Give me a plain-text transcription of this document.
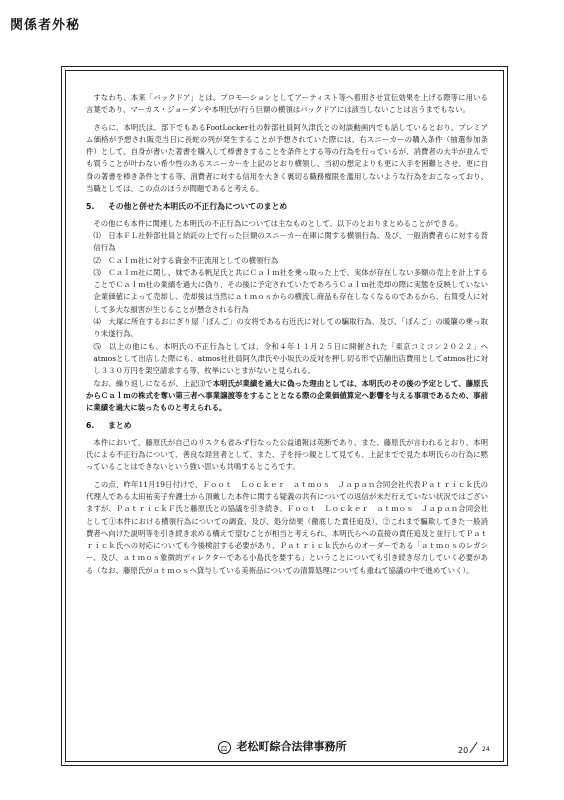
関係者外秘

すなわち、本来「バックドア」とは、プロモーションとしてアーティスト等へ着用させ宣伝効果を上げる際等に用いる言葉であり、マーカス・ジョーダンや本明氏が行う巨額の横領はバックドアには該当しないことは言うまでもない。

さらに、本明氏は、部下でもあるFootLocker社の幹部社員阿久津氏との対談動画内でも話しているとおり、プレミアム価格が予想され販売当日に長蛇の列が発生することが予想されていた際には、右スニーカーの購入条件（抽選参加条件）として、自身が書いた著書を購入して棒書きすることを条件とする等の行為を行っているが、消費者の大半が並んでも買うことが叶わない希少性のあるスニーカーを上記のとおり横領し、当初の想定よりも更に入手を困難とさせ、更に自身の著書を棒き条件とする等、消費者に対する信用を大きく裏切る職務権限を濫用しないような行為をおこなっており、当職としては、この点のほうが問題であると考える。

5. その他と併せた本明氏の不正行為についてのまとめ

その他にも本件に関連した本明氏の不正行為については主なものとして、以下のとおりまとめることができる。

⑴　日本ＦＬ社幹部社員と結託の上で行った巨額のスニーカー在庫に関する横領行為、及び、一般消費者らに対する背信行為

⑵　Ｃａｌｍ社に対する資金不正流用としての横領行為

⑶　Ｃａｌｍ社に関し、妹である帆足氏と共にＣａｌｍ社を乗っ取った上で、実体が存在しない多額の売上を計上することでＣａｌｍ社の業績を過大に偽り、その後に予定されていたであろうＣａｌｍ社売却の際に実態を反映していない企業価値によって売却し、売却後は当然にａｔｍｏｓからの横流し商品も存在しなくなるのであるから、右買受人に対して多大な損害が生じることが懸念される行為

⑷　大塚に所在するおにぎり屋「ぼんご」の女将である右近氏に対しての騙取行為、及び、「ぼんご」の暖簾の乗っ取り未遂行為、

⑸　以上の他にも、本明氏の不正行為としては、令和４年１１月２５日に開催された「東京コミコン２０２２」へatmosとして出店した際にも、atmos社社員阿久津氏や小坂氏の反対を押し切る形で店舗出店費用としてatmos社に対し３３０万円を架空請求する等、枚挙にいとまがないと見られる。

なお、繰り返しになるが、上記⑶で本明氏が業績を過大に偽った理由としては、本明氏のその後の予定として、藤原氏からＣａｌｍの株式を奪い第三者へ事業譲渡等をすることとなる際の企業価値算定へ影響を与える事項であるため、事前に業績を過大に装ったものと考えられる。

6. まとめ

本件において、藤原氏が自己のリスクも省みず行なった公益通報は英断であり、また、藤原氏が言われるとおり、本明氏による不正行為について、善良な経営者として、また、子を持つ親として見ても、上記までで見た本明氏らの行為に黙っていることはできないという強い思いも共鳴するところです。

この点、昨年11月19日付けで、Ｆｏｏｔ　Ｌｏｃｋｅｒ　ａｔｍｏｓ　Ｊａｐａｎ合同会社代表Ｐａｔｒｉｃｋ氏の代理人である太田祐美子弁護士から頂戴した本件に関する疑義の共有についての返信が未だ行えていない状況ではございますが、ＰａｔｒｉｃｋＦ氏と藤原氏との協議を引き続き、Ｆｏｏｔ　Ｌｏｃｋｅｒ　ａｔｍｏｓ　Ｊａｐａｎ合同会社として①本件における横領行為についての調査、及び、処分結果（徹底した責任追及）、②これまで騙欺してきた一般消費者へ向けた説明等を引き続き求める構えで望むことが相当と考えられ、本明氏らへの直接の責任追及と並行してＰａｔｒｉｃｋ氏への対応についても今後検討する必要があり、Ｐａｔｒｉｃｋ氏からのオーダーである「ａｔｍｏｓのレガシー、及び、ａｔｍｏｓ象徴的ディレクターである小島氏を要する」ということについても引き続き尽力していく必要がある（なお、藤原氏がａｔｍｏｓへ貸与している美術品についての清算処理についても重ねて協議の中で進めていく）。

⚖ 老松町綜合法律事務所	20 24
